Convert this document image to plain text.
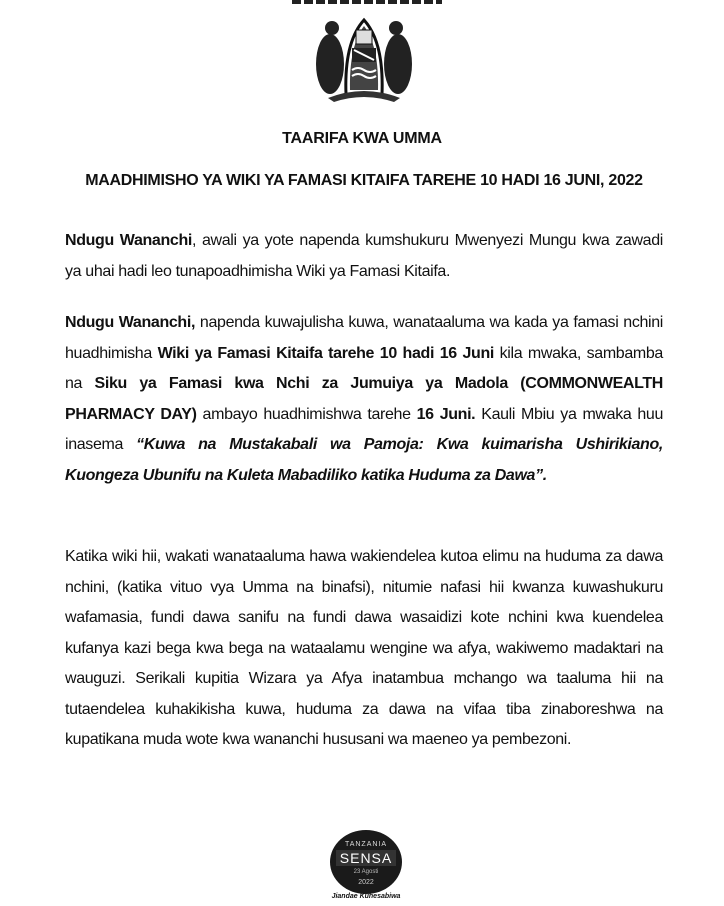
TAARIFA KWA UMMA
MAADHIMISHO YA WIKI YA FAMASI KITAIFA TAREHE 10 HADI 16 JUNI, 2022
Ndugu Wananchi, awali ya yote napenda kumshukuru Mwenyezi Mungu kwa zawadi ya uhai hadi leo tunapoadhimisha Wiki ya Famasi Kitaifa.
Ndugu Wananchi, napenda kuwajulisha kuwa, wanataaluma wa kada ya famasi nchini huadhimisha Wiki ya Famasi Kitaifa tarehe 10 hadi 16 Juni kila mwaka, sambamba na Siku ya Famasi kwa Nchi za Jumuiya ya Madola (COMMONWEALTH PHARMACY DAY) ambayo huadhimishwa tarehe 16 Juni. Kauli Mbiu ya mwaka huu inasema “Kuwa na Mustakabali wa Pamoja: Kwa kuimarisha Ushirikiano, Kuongeza Ubunifu na Kuleta Mabadiliko katika Huduma za Dawa”.
Katika wiki hii, wakati wanataaluma hawa wakiendelea kutoa elimu na huduma za dawa nchini, (katika vituo vya Umma na binafsi), nitumie nafasi hii kwanza kuwashukuru wafamasia, fundi dawa sanifu na fundi dawa wasaidizi kote nchini kwa kuendelea kufanya kazi bega kwa bega na wataalamu wengine wa afya, wakiwemo madaktari na wauguzi. Serikali kupitia Wizara ya Afya inatambua mchango wa taaluma hii na tutaendelea kuhakikisha kuwa, huduma za dawa na vifaa tiba zinaboreshwa na kupatikana muda wote kwa wananchi hususani wa maeneo ya pembezoni.
TANZANIA
SENSA
23 Agosti
2022
Jiandae Kuhesabiwa
